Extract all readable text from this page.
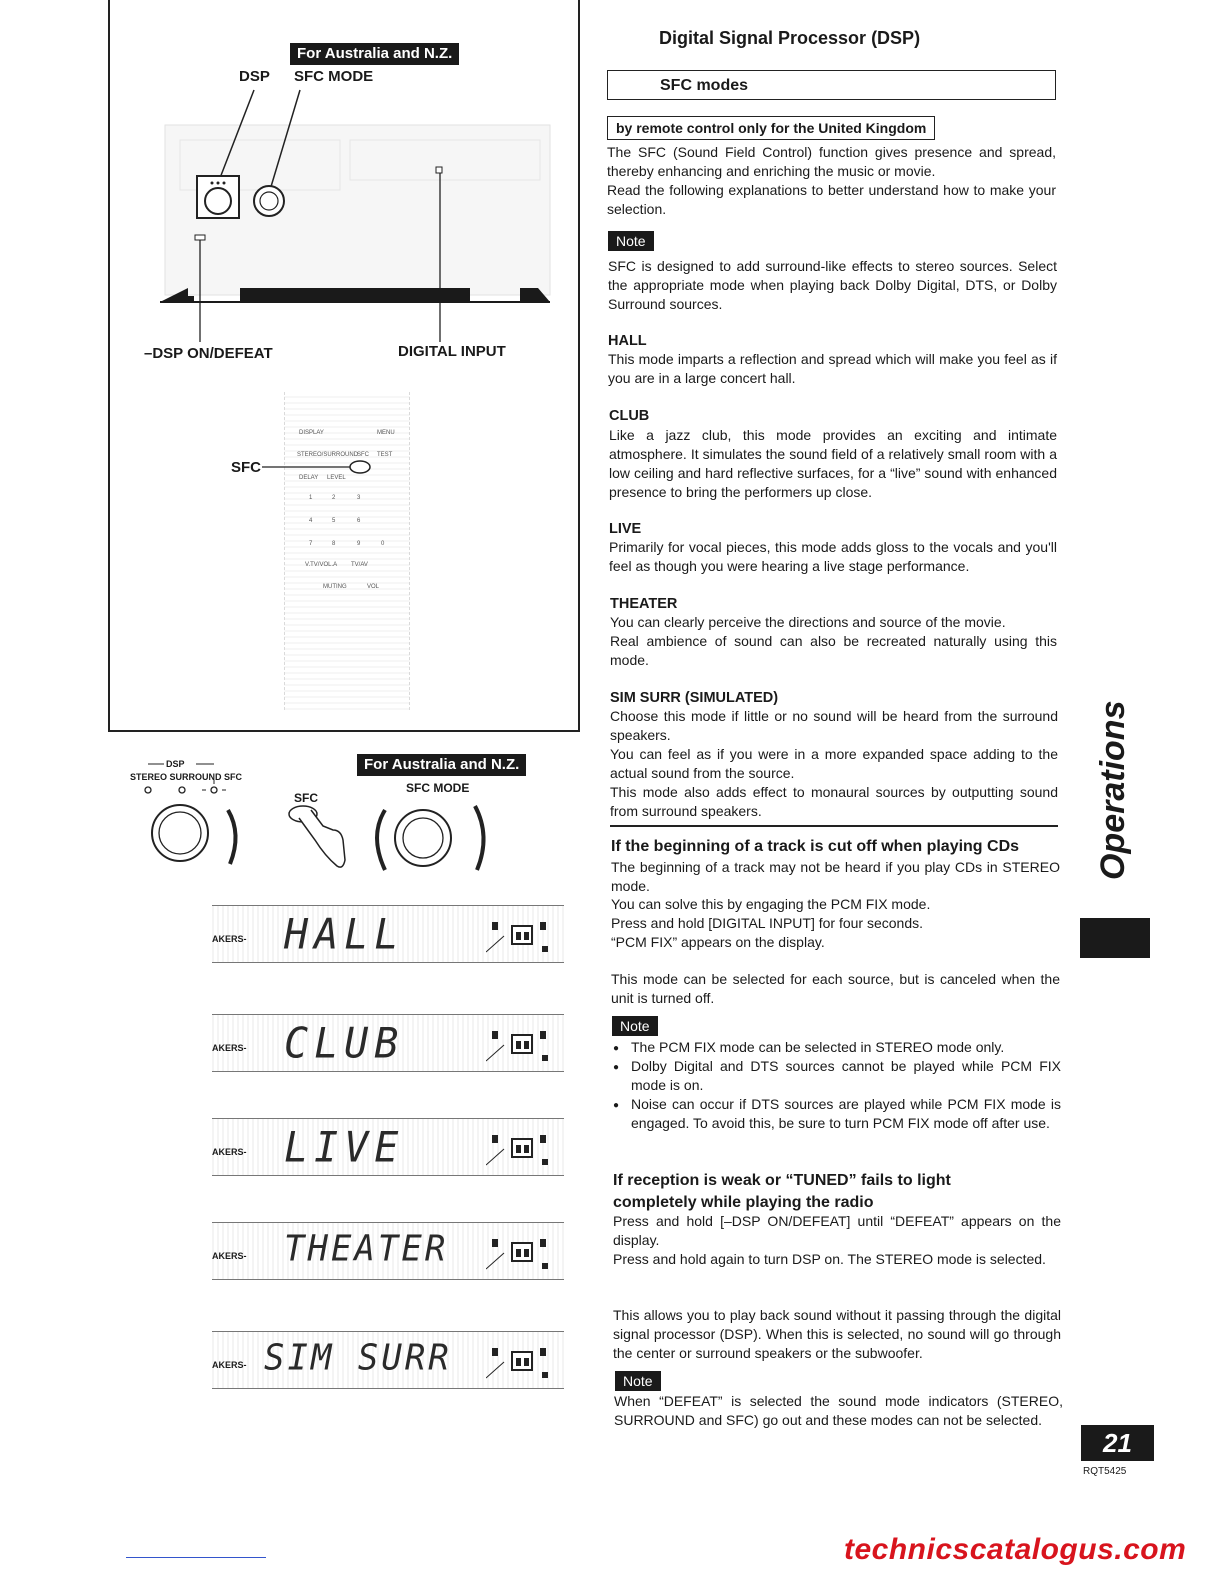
For Australia and N.Z.
DSP SFC MODE
–DSP ON/DEFEAT	DIGITAL INPUT
DISPLAY	MENU
STEREO/SURROUND
SFC TEST
DELAY LEVEL
1	2	3
4	5	6
7	8	9	0
V.TV/VOL.A TV/AV
MUTING	VOL
SFC
DSP
STEREO SURROUND SFC
For Australia and N.Z.
SFC MODE
SFC
AKERS- HALL
AKERS- CLUB
AKERS- LIVE
AKERS- THEATER
AKERS- SIM SURR
Digital Signal Processor (DSP)
SFC modes
by remote control only for the United Kingdom
The SFC (Sound Field Control) function gives presence and spread, thereby enhancing and enriching the music or movie.
Read the following explanations to better understand how to make your selection.
Note
SFC is designed to add surround-like effects to stereo sources. Select the appropriate mode when playing back Dolby Digital, DTS, or Dolby Surround sources.
HALL
This mode imparts a reflection and spread which will make you feel as if you are in a large concert hall.
CLUB
Like a jazz club, this mode provides an exciting and intimate atmosphere. It simulates the sound field of a relatively small room with a low ceiling and hard reflective surfaces, for a “live” sound with enhanced presence to bring the performers up close.
LIVE
Primarily for vocal pieces, this mode adds gloss to the vocals and you'll feel as though you were hearing a live stage performance.
THEATER
You can clearly perceive the directions and source of the movie.
Real ambience of sound can also be recreated naturally using this mode.
SIM SURR (SIMULATED)
Choose this mode if little or no sound will be heard from the surround speakers.
You can feel as if you were in a more expanded space adding to the actual sound from the source.
This mode also adds effect to monaural sources by outputting sound from surround speakers.
If the beginning of a track is cut off when playing CDs
The beginning of a track may not be heard if you play CDs in STEREO mode.
You can solve this by engaging the PCM FIX mode.
Press and hold [DIGITAL INPUT] for four seconds.
“PCM FIX” appears on the display.
This mode can be selected for each source, but is canceled when the unit is turned off.
Note
● The PCM FIX mode can be selected in STEREO mode only.
● Dolby Digital and DTS sources cannot be played while PCM FIX mode is on.
● Noise can occur if DTS sources are played while PCM FIX mode is engaged. To avoid this, be sure to turn PCM FIX mode off after use.
If reception is weak or “TUNED” fails to light
completely while playing the radio
Press and hold [–DSP ON/DEFEAT] until “DEFEAT” appears on the display.
Press and hold again to turn DSP on. The STEREO mode is selected.
This allows you to play back sound without it passing through the digital signal processor (DSP). When this is selected, no sound will go through the center or surround speakers or the subwoofer.
Note
When “DEFEAT” is selected the sound mode indicators (STEREO, SURROUND and SFC) go out and these modes can not be selected.
Operations
21
RQT5425
technicscatalogus.com
